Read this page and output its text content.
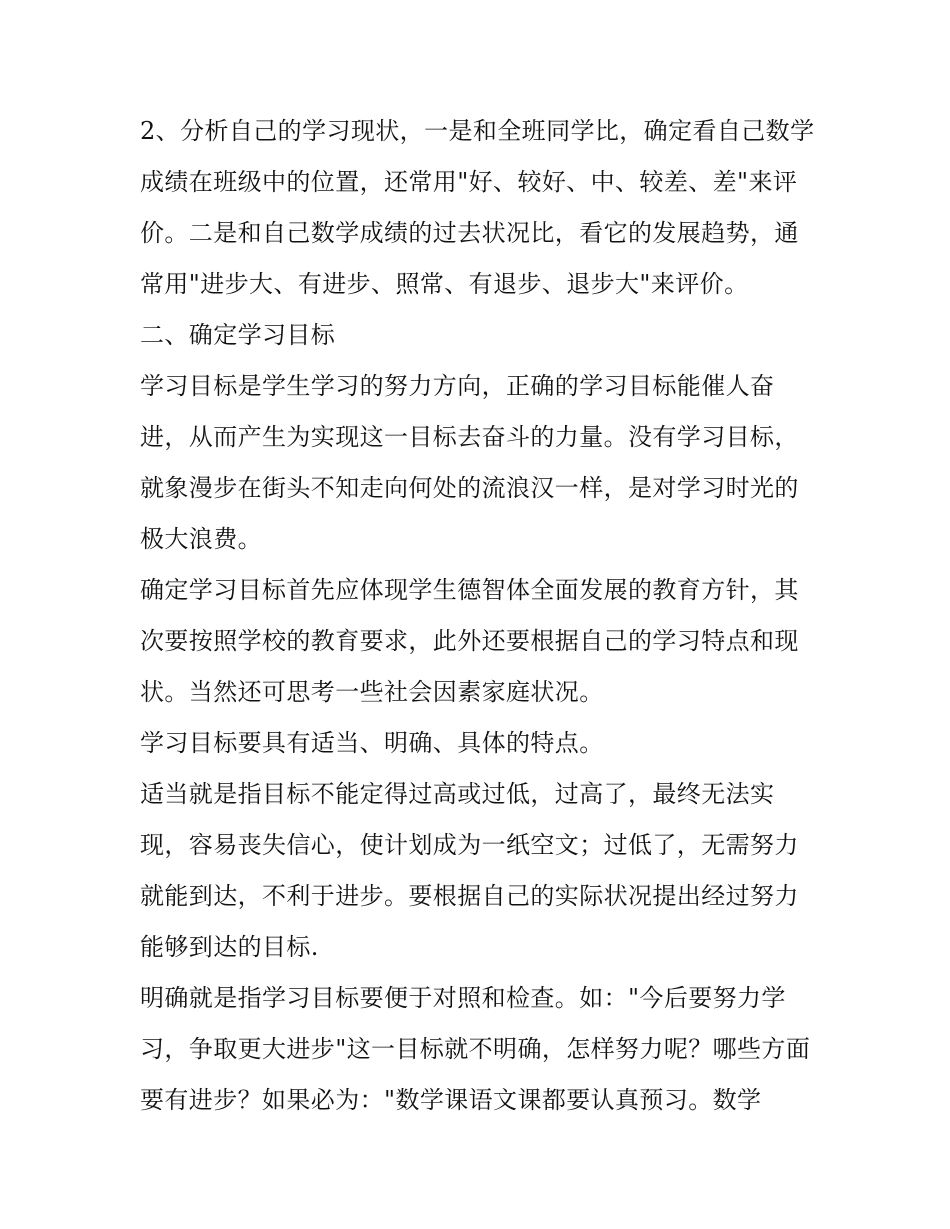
2、分析自己的学习现状，一是和全班同学比，确定看自己数学成绩在班级中的位置，还常用"好、较好、中、较差、差"来评价。二是和自己数学成绩的过去状况比，看它的发展趋势，通常用"进步大、有进步、照常、有退步、退步大"来评价。

二、确定学习目标

学习目标是学生学习的努力方向，正确的学习目标能催人奋进，从而产生为实现这一目标去奋斗的力量。没有学习目标，就象漫步在街头不知走向何处的流浪汉一样，是对学习时光的极大浪费。

确定学习目标首先应体现学生德智体全面发展的教育方针，其次要按照学校的教育要求，此外还要根据自己的学习特点和现状。当然还可思考一些社会因素家庭状况。

学习目标要具有适当、明确、具体的特点。

适当就是指目标不能定得过高或过低，过高了，最终无法实现，容易丧失信心，使计划成为一纸空文；过低了，无需努力就能到达，不利于进步。要根据自己的实际状况提出经过努力能够到达的目标.

明确就是指学习目标要便于对照和检查。如："今后要努力学习，争取更大进步"这一目标就不明确，怎样努力呢？哪些方面要有进步？如果必为："数学课语文课都要认真预习。数学
